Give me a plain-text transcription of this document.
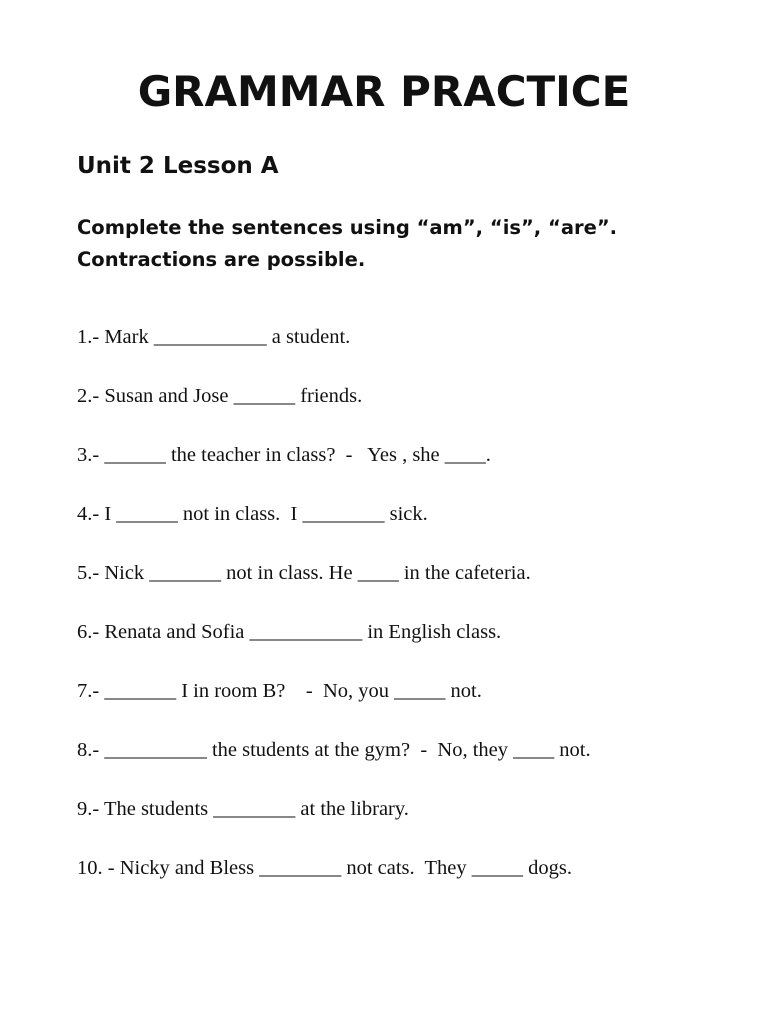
GRAMMAR PRACTICE
Unit 2 Lesson A
Complete the sentences using “am”, “is”, “are”.
Contractions are possible.
1.- Mark ___________ a student.
2.- Susan and Jose ______ friends.
3.- ______ the teacher in class?  -   Yes , she ____.
4.- I ______ not in class.  I ________ sick.
5.- Nick _______ not in class. He ____ in the cafeteria.
6.- Renata and Sofia ___________ in English class.
7.- _______ I in room B?    -  No, you _____ not.
8.- __________ the students at the gym?  -  No, they ____ not.
9.- The students ________ at the library.
10. - Nicky and Bless ________ not cats.  They _____ dogs.
